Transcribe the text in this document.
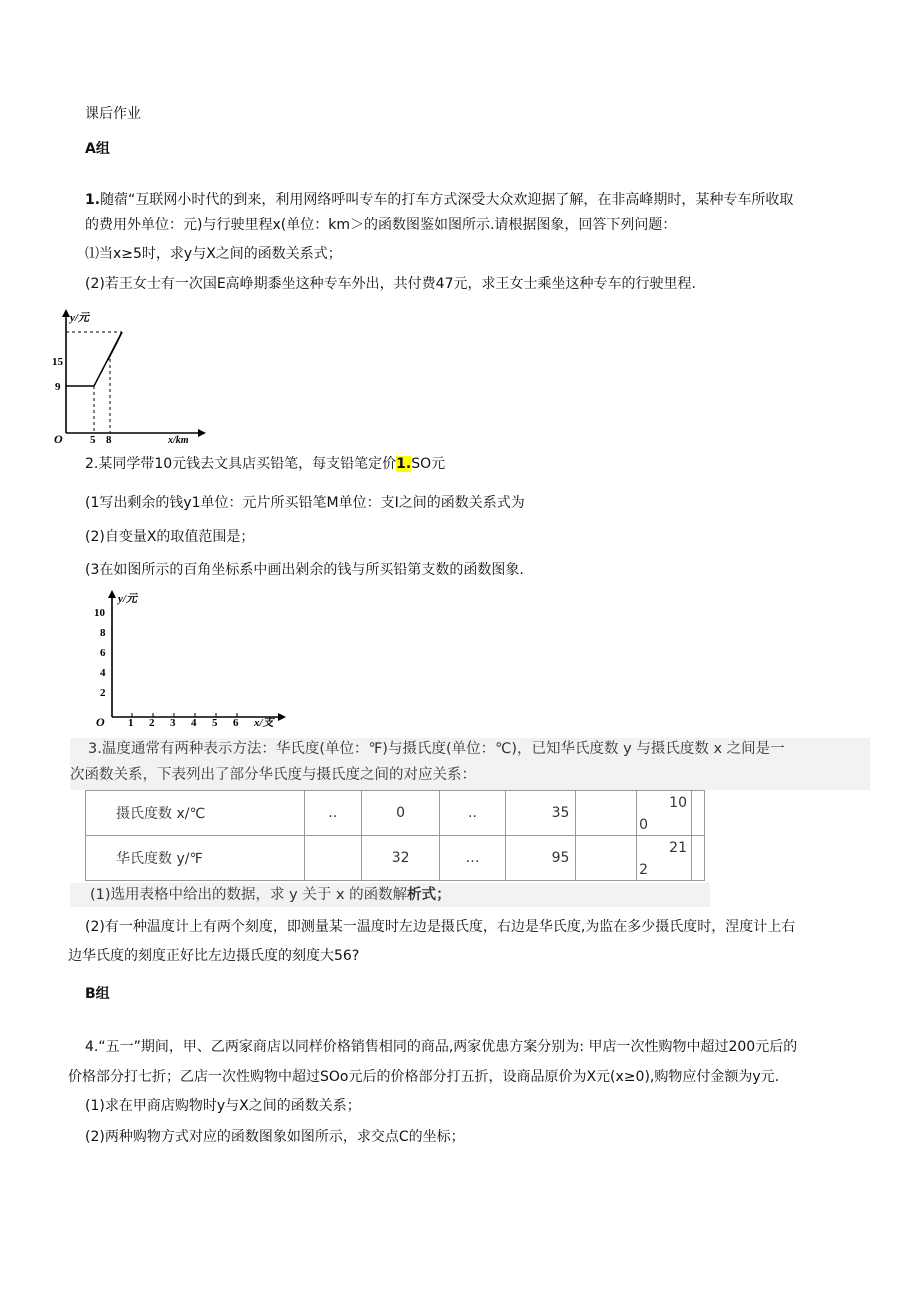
课后作业
A组
1.随蓿“互联网小时代的到来，利用网络呼叫专车的打车方式深受大众欢迎据了解，在非高峰期时，某种专车所收取
的费用外单位：元)与行驶里程x(单位：km＞的函数图鉴如图所示.请根据图象，回答下列问题：
⑴当x≥5时，求y与X之间的函数关系式；
(2)若王女士有一次国E高峥期黍坐这种专车外出，共付费47元，求王女士乘坐这种专车的行驶里程.
y/元
x/km
O
15
9
5 8
2.某同学带10元钱去文具店买铅笔，每支铅笔定价1.SO元
(1写出剩余的钱y1单位：元片所买铅笔M单位：支I之间的函数关系式为
(2)自变量X的取值范围是；
(3在如图所示的百角坐标系中画出剁余的钱与所买铅第支数的函数图象.
y/元
x/支
O
10
8
6
4
2
1 2 3 4 5 6
3.温度通常有两种表示方法：华氏度(单位：℉)与摄氏度(单位：℃)，已知华氏度数 y 与摄氏度数 x 之间是一
次函数关系，下表列出了部分华氏度与摄氏度之间的对应关系：
摄氏度数 x/℃	..	0	..	35		10
0	

华氏度数 y/℉		32	…	95		21
2	

(1)选用表格中给出的数据，求 y 关于 x 的函数解析式；
(2)有一种温度计上有两个刻度，即测量某一温度时左边是摄氏度，右边是华氏度,为监在多少摄氏度时，涅度计上右
边华氏度的刻度正好比左边摄氏度的刻度大56?
B组
4.“五一”期间，甲、乙两家商店以同样价格销售相同的商品,两家优患方案分别为: 甲店一次性购物中超过200元后的
价格部分打七折；乙店一次性购物中超过SOo元后的价格部分打五折，设商品原价为X元(x≥0),购物应付金额为y元.
(1)求在甲商店购物时y与X之间的函数关系；
(2)两种购物方式对应的函数图象如图所示，求交点C的坐标；
